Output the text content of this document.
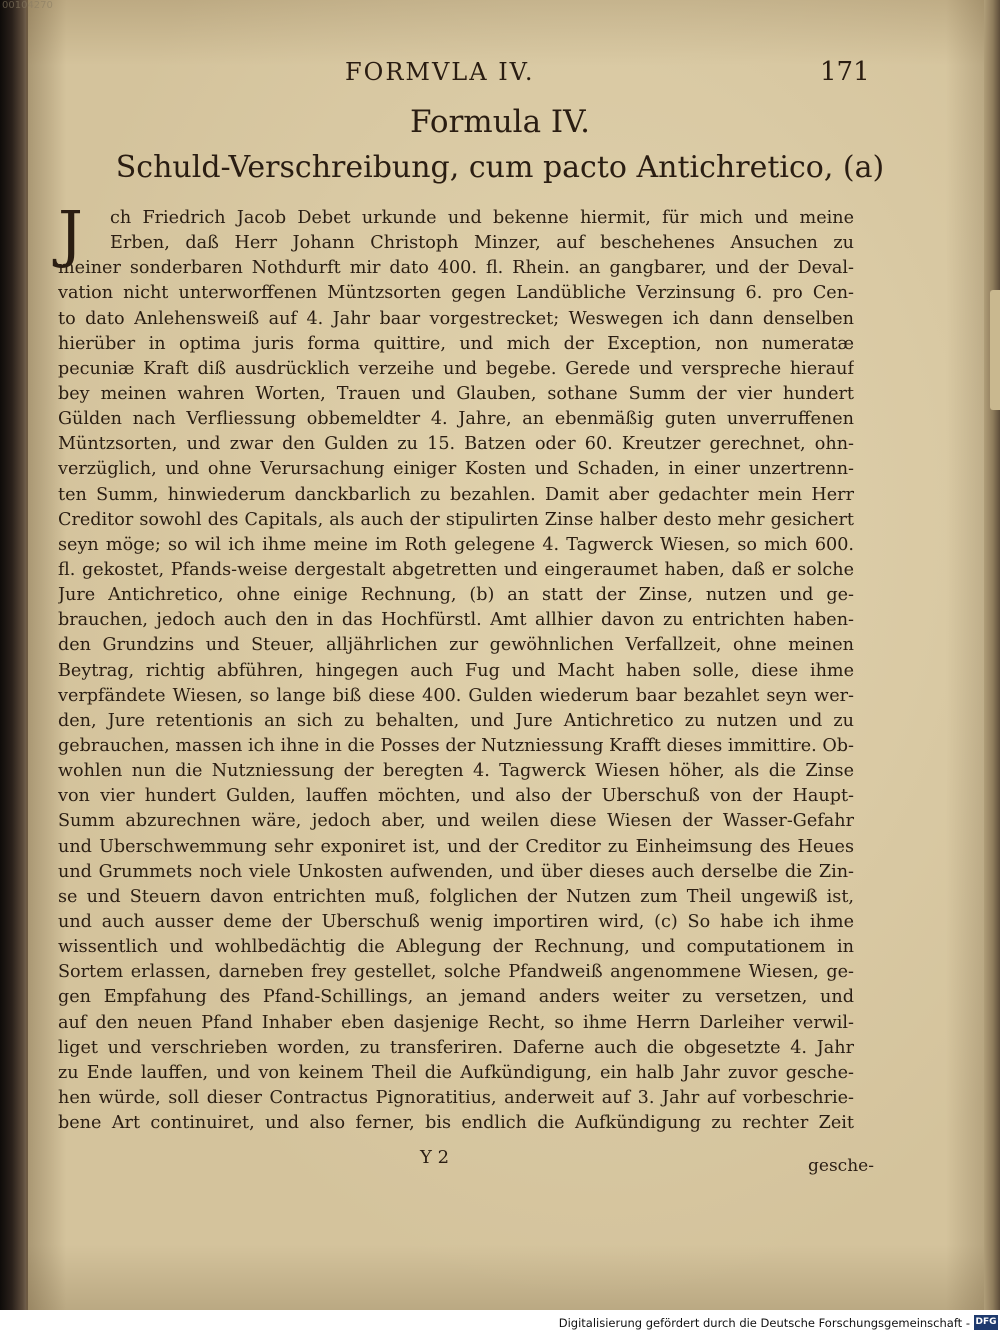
00104270
FORMVLA IV.	171
Formula IV.
Schuld-Verschreibung, cum pacto Antichretico, (a)
J	ch Friedrich Jacob Debet urkunde und bekenne hiermit, für mich und meine
Erben, daß Herr Johann Christoph Minzer, auf beschehenes Ansuchen zu
meiner sonderbaren Nothdurft mir dato 400. fl. Rhein. an gangbarer, und der Deval-
vation nicht unterworffenen Müntzsorten gegen Landübliche Verzinsung 6. pro Cen-
to dato Anlehensweiß auf 4. Jahr baar vorgestrecket; Weswegen ich dann denselben
hierüber in optima juris forma quittire, und mich der Exception, non numeratæ
pecuniæ Kraft diß ausdrücklich verzeihe und begebe. Gerede und verspreche hierauf
bey meinen wahren Worten, Trauen und Glauben, sothane Summ der vier hundert
Gülden nach Verfliessung obbemeldter 4. Jahre, an ebenmäßig guten unverruffenen
Müntzsorten, und zwar den Gulden zu 15. Batzen oder 60. Kreutzer gerechnet, ohn-
verzüglich, und ohne Verursachung einiger Kosten und Schaden, in einer unzertrenn-
ten Summ, hinwiederum danckbarlich zu bezahlen. Damit aber gedachter mein Herr
Creditor sowohl des Capitals, als auch der stipulirten Zinse halber desto mehr gesichert
seyn möge; so wil ich ihme meine im Roth gelegene 4. Tagwerck Wiesen, so mich 600.
fl. gekostet, Pfands-weise dergestalt abgetretten und eingeraumet haben, daß er solche
Jure Antichretico, ohne einige Rechnung, (b) an statt der Zinse, nutzen und ge-
brauchen, jedoch auch den in das Hochfürstl. Amt allhier davon zu entrichten haben-
den Grundzins und Steuer, alljährlichen zur gewöhnlichen Verfallzeit, ohne meinen
Beytrag, richtig abführen, hingegen auch Fug und Macht haben solle, diese ihme
verpfändete Wiesen, so lange biß diese 400. Gulden wiederum baar bezahlet seyn wer-
den, Jure retentionis an sich zu behalten, und Jure Antichretico zu nutzen und zu
gebrauchen, massen ich ihne in die Posses der Nutzniessung Krafft dieses immittire. Ob-
wohlen nun die Nutzniessung der beregten 4. Tagwerck Wiesen höher, als die Zinse
von vier hundert Gulden, lauffen möchten, und also der Uberschuß von der Haupt-
Summ abzurechnen wäre, jedoch aber, und weilen diese Wiesen der Wasser-Gefahr
und Uberschwemmung sehr exponiret ist, und der Creditor zu Einheimsung des Heues
und Grummets noch viele Unkosten aufwenden, und über dieses auch derselbe die Zin-
se und Steuern davon entrichten muß, folglichen der Nutzen zum Theil ungewiß ist,
und auch ausser deme der Uberschuß wenig importiren wird, (c) So habe ich ihme
wissentlich und wohlbedächtig die Ablegung der Rechnung, und computationem in
Sortem erlassen, darneben frey gestellet, solche Pfandweiß angenommene Wiesen, ge-
gen Empfahung des Pfand-Schillings, an jemand anders weiter zu versetzen, und
auf den neuen Pfand Inhaber eben dasjenige Recht, so ihme Herrn Darleiher verwil-
liget und verschrieben worden, zu transferiren. Daferne auch die obgesetzte 4. Jahr
zu Ende lauffen, und von keinem Theil die Aufkündigung, ein halb Jahr zuvor gesche-
hen würde, soll dieser Contractus Pignoratitius, anderweit auf 3. Jahr auf vorbeschrie-
bene Art continuiret, und also ferner, bis endlich die Aufkündigung zu rechter Zeit
Y 2	gesche-
Digitalisierung gefördert durch die Deutsche Forschungsgemeinschaft - DFG
